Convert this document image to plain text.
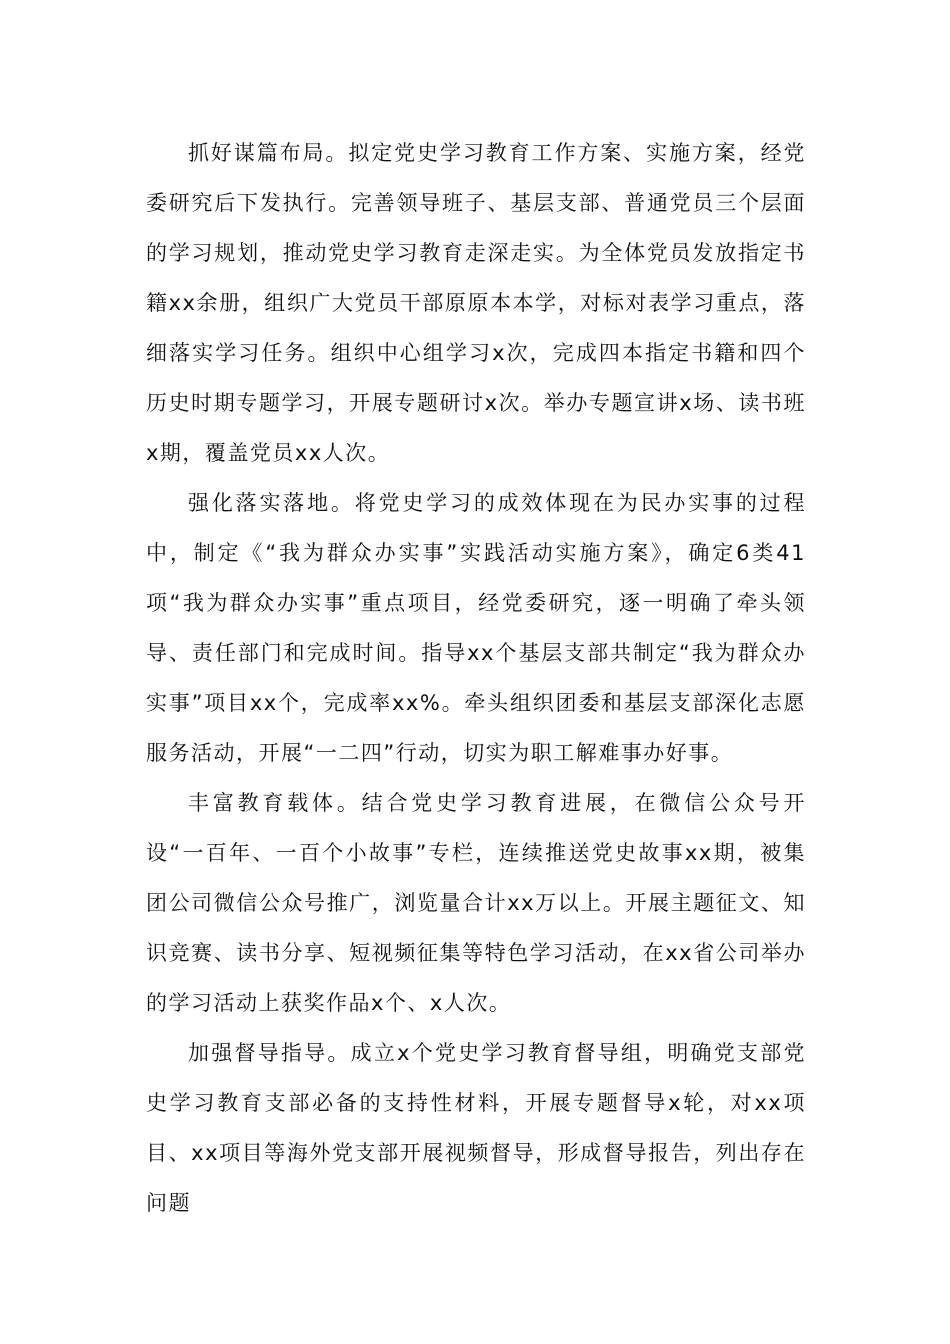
抓好谋篇布局。拟定党史学习教育工作方案、实施方案，经党委研究后下发执行。完善领导班子、基层支部、普通党员三个层面的学习规划，推动党史学习教育走深走实。为全体党员发放指定书籍xx余册，组织广大党员干部原原本本学，对标对表学习重点，落细落实学习任务。组织中心组学习x次，完成四本指定书籍和四个历史时期专题学习，开展专题研讨x次。举办专题宣讲x场、读书班x期，覆盖党员xx人次。

强化落实落地。将党史学习的成效体现在为民办实事的过程中，制定《“我为群众办实事”实践活动实施方案》，确定6类41项“我为群众办实事”重点项目，经党委研究，逐一明确了牵头领导、责任部门和完成时间。指导xx个基层支部共制定“我为群众办实事”项目xx个，完成率xx%。牵头组织团委和基层支部深化志愿服务活动，开展“一二四”行动，切实为职工解难事办好事。

丰富教育载体。结合党史学习教育进展，在微信公众号开设“一百年、一百个小故事”专栏，连续推送党史故事xx期，被集团公司微信公众号推广，浏览量合计xx万以上。开展主题征文、知识竞赛、读书分享、短视频征集等特色学习活动，在xx省公司举办的学习活动上获奖作品x个、x人次。

加强督导指导。成立x个党史学习教育督导组，明确党支部党史学习教育支部必备的支持性材料，开展专题督导x轮，对xx项目、xx项目等海外党支部开展视频督导，形成督导报告，列出存在问题
